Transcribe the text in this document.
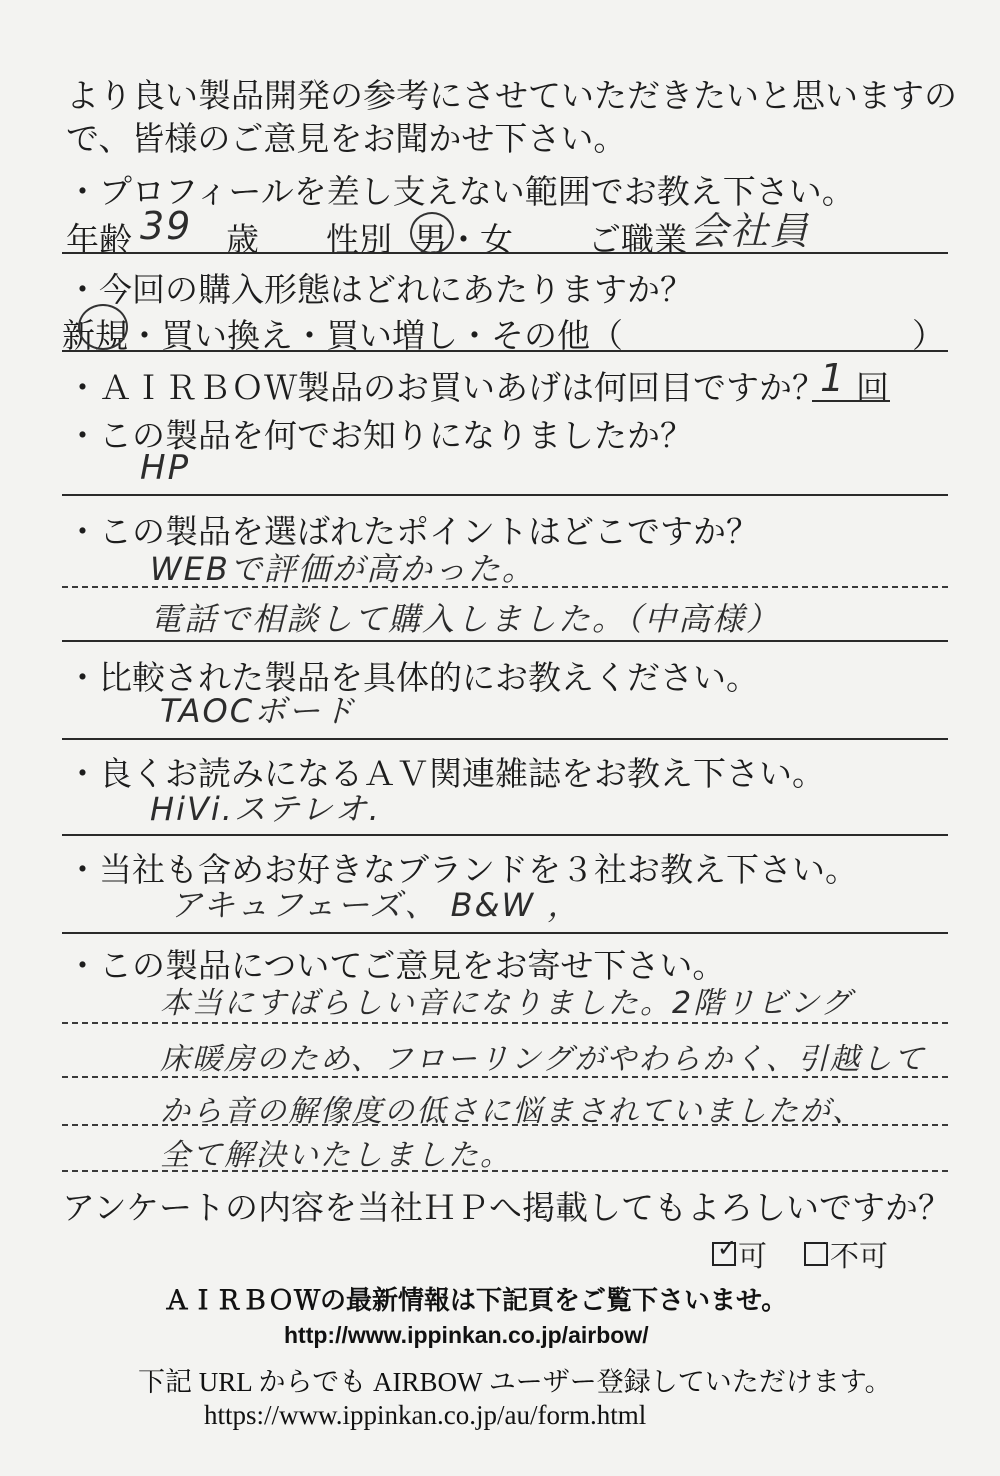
より良い製品開発の参考にさせていただきたいと思いますの
で、皆様のご意見をお聞かせ下さい。
・プロフィールを差し支えない範囲でお教え下さい。
年齢 39 歳 性別 男・女 ご職業 会社員
・今回の購入形態はどれにあたりますか？
新規・買い換え・買い増し・その他（	）
・ＡＩＲＢＯＷ製品のお買いあげは何回目ですか？
1 回
・この製品を何でお知りになりましたか？
HP
・この製品を選ばれたポイントはどこですか？
WEBで評価が高かった。
電話で相談して購入しました。（中高様）
・比較された製品を具体的にお教えください。
TAOCボード
・良くお読みになるＡＶ関連雑誌をお教え下さい。
HiVi.ステレオ.
・当社も含めお好きなブランドを３社お教え下さい。
アキュフェーズ、 B&W ，
・この製品についてご意見をお寄せ下さい。
本当にすばらしい音になりました。2階リビング
床暖房のため、フローリングがやわらかく、引越して
から音の解像度の低さに悩まされていましたが、
全て解決いたしました。
アンケートの内容を当社ＨＰへ掲載してもよろしいですか？
✓ 可 不可
ＡＩＲＢＯＷの最新情報は下記頁をご覧下さいませ。
http://www.ippinkan.co.jp/airbow/
下記 URL からでも AIRBOW ユーザー登録していただけます。
https://www.ippinkan.co.jp/au/form.html
